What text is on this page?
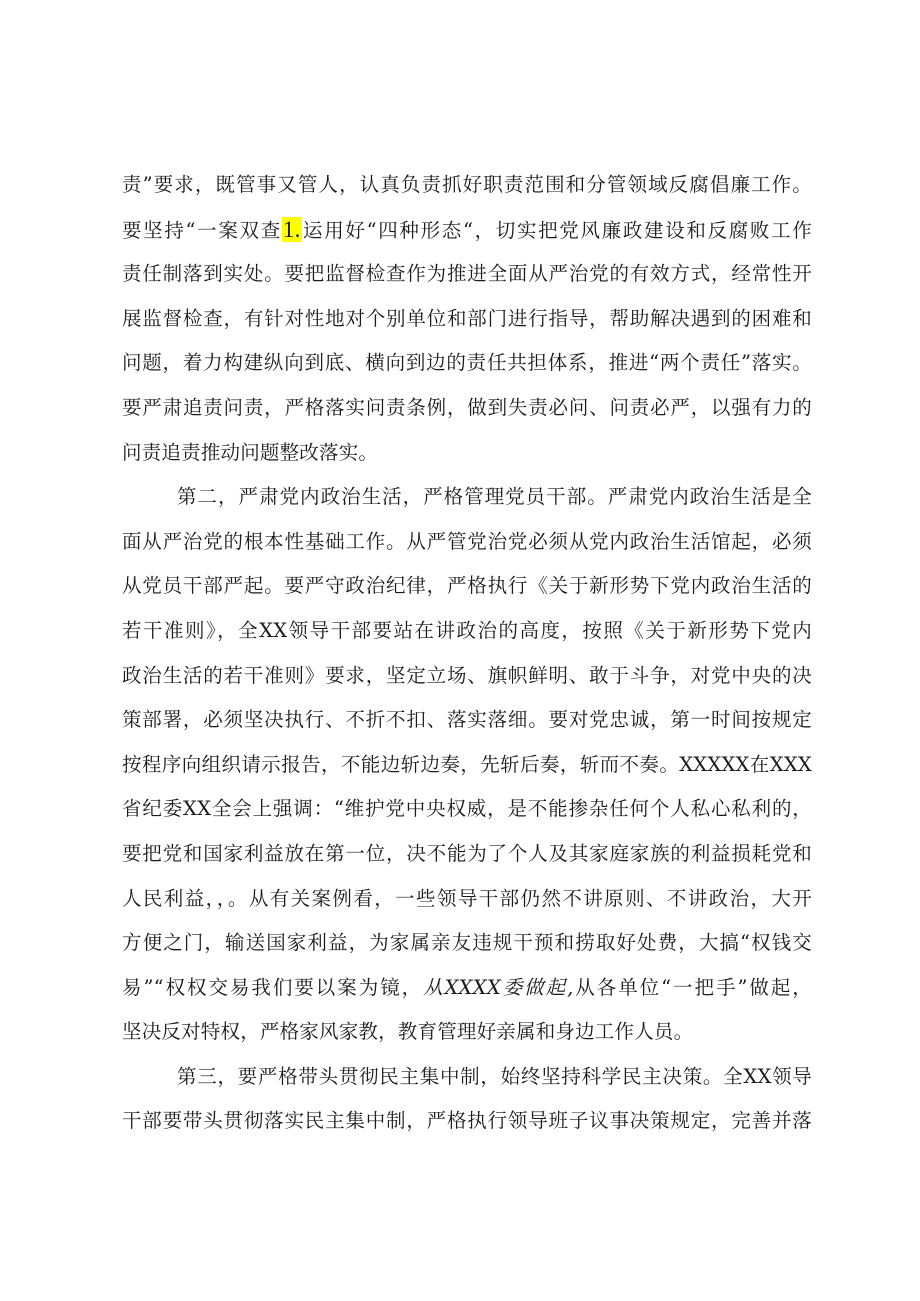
责”要求，既管事又管人，认真负责抓好职责范围和分管领域反腐倡廉工作。
要坚持“一案双查1.运用好“四种形态“，切实把党风廉政建设和反腐败工作
责任制落到实处。要把监督检查作为推进全面从严治党的有效方式，经常性开
展监督检查，有针对性地对个别单位和部门进行指导，帮助解决遇到的困难和
问题，着力构建纵向到底、横向到边的责任共担体系，推进“两个责任”落实。
要严肃追责问责，严格落实问责条例，做到失责必问、问责必严，以强有力的
问责追责推动问题整改落实。
第二，严肃党内政治生活，严格管理党员干部。严肃党内政治生活是全
面从严治党的根本性基础工作。从严管党治党必须从党内政治生活馆起，必须
从党员干部严起。要严守政治纪律，严格执行《关于新形势下党内政治生活的
若干准则》，全XX领导干部要站在讲政治的高度，按照《关于新形势下党内
政治生活的若干准则》要求，坚定立场、旗帜鲜明、敢于斗争，对党中央的决
策部署，必须坚决执行、不折不扣、落实落细。要对党忠诚，第一时间按规定
按程序向组织请示报告，不能边斩边奏，先斩后奏，斩而不奏。XXXXX在XXX
省纪委XX全会上强调：“维护党中央权威，是不能掺杂任何个人私心私利的，
要把党和国家利益放在第一位，决不能为了个人及其家庭家族的利益损耗党和
人民利益，，。从有关案例看，一些领导干部仍然不讲原则、不讲政治，大开
方便之门，输送国家利益，为家属亲友违规干预和捞取好处费，大搞“权钱交
易”“权权交易我们要以案为镜，从XXXX委做起,从各单位“一把手”做起，
坚决反对特权，严格家风家教，教育管理好亲属和身边工作人员。
第三，要严格带头贯彻民主集中制，始终坚持科学民主决策。全XX领导
干部要带头贯彻落实民主集中制，严格执行领导班子议事决策规定，完善并落
